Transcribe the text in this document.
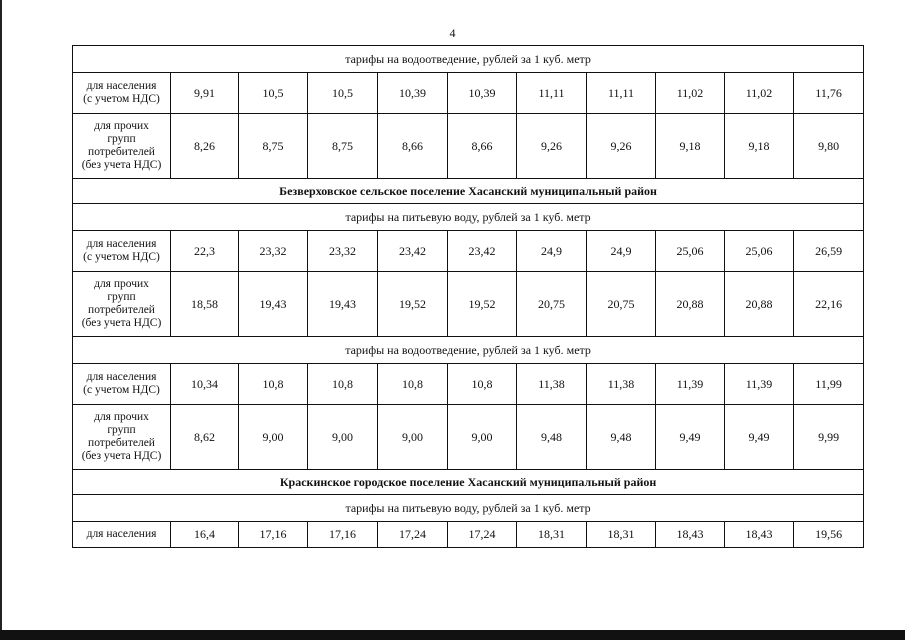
4
тарифы на водоотведение, рублей за 1 куб. метр										
для населения
(с учетом НДС)	9,91	10,5	10,5	10,39	10,39	11,11	11,11	11,02	11,02	11,76
для прочих
групп
потребителей
(без учета НДС)	8,26	8,75	8,75	8,66	8,66	9,26	9,26	9,18	9,18	9,80
Безверховское сельское поселение Хасанский муниципальный район										
тарифы на питьевую воду, рублей за 1 куб. метр										
для населения
(с учетом НДС)	22,3	23,32	23,32	23,42	23,42	24,9	24,9	25,06	25,06	26,59
для прочих
групп
потребителей
(без учета НДС)	18,58	19,43	19,43	19,52	19,52	20,75	20,75	20,88	20,88	22,16
тарифы на водоотведение, рублей за 1 куб. метр										
для населения
(с учетом НДС)	10,34	10,8	10,8	10,8	10,8	11,38	11,38	11,39	11,39	11,99
для прочих
групп
потребителей
(без учета НДС)	8,62	9,00	9,00	9,00	9,00	9,48	9,48	9,49	9,49	9,99
Краскинское городское поселение Хасанский муниципальный район										
тарифы на питьевую воду, рублей за 1 куб. метр										
для населения	16,4	17,16	17,16	17,24	17,24	18,31	18,31	18,43	18,43	19,56
